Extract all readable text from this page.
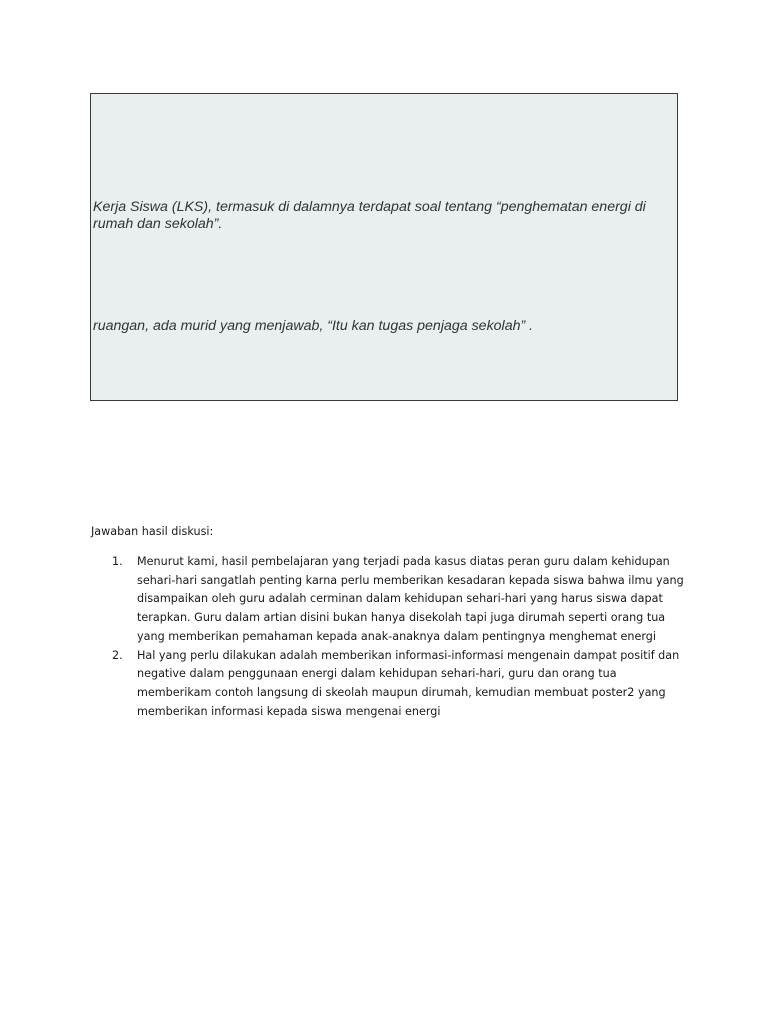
Kerja Siswa (LKS), termasuk di dalamnya terdapat soal tentang “penghematan energi di rumah dan sekolah”.

ruangan, ada murid yang menjawab, “Itu kan tugas penjaga sekolah” .

Jawaban hasil diskusi:

1. Menurut kami, hasil pembelajaran yang terjadi pada kasus diatas peran guru dalam kehidupan sehari-hari sangatlah penting karna perlu memberikan kesadaran kepada siswa bahwa ilmu yang disampaikan oleh guru adalah cerminan dalam kehidupan sehari-hari yang harus siswa dapat terapkan. Guru dalam artian disini bukan hanya disekolah tapi juga dirumah seperti orang tua yang memberikan pemahaman kepada anak-anaknya dalam pentingnya menghemat energi
2. Hal yang perlu dilakukan adalah memberikan informasi-informasi mengenain dampat positif dan negative dalam penggunaan energi dalam kehidupan sehari-hari, guru dan orang tua memberikam contoh langsung di skeolah maupun dirumah, kemudian membuat poster2 yang memberikan informasi kepada siswa mengenai energi
